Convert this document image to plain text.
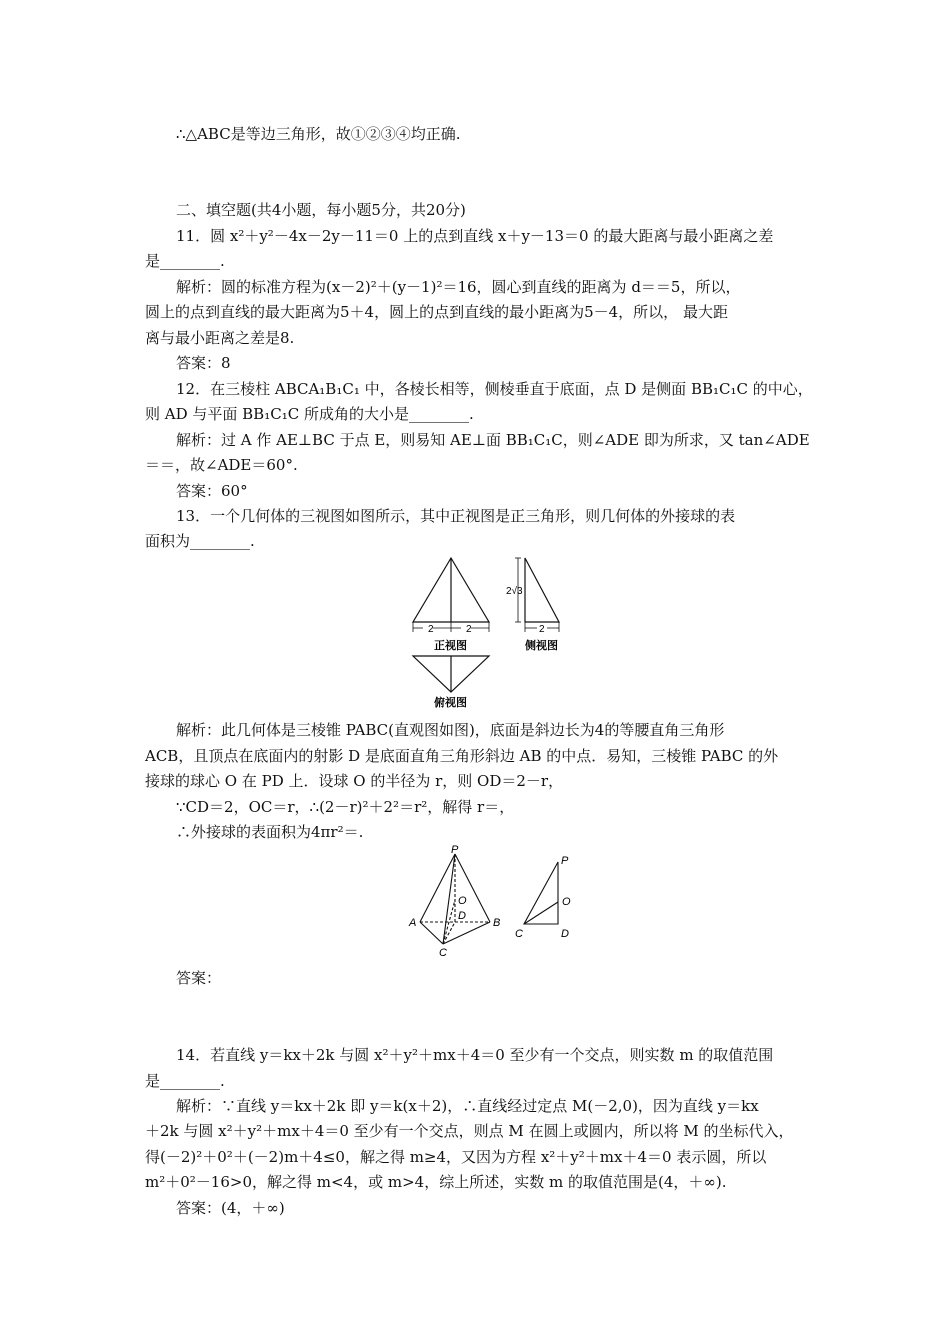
∴△ABC是等边三角形，故①②③④均正确.
二、填空题(共4小题，每小题5分，共20分)
11．圆 x²＋y²－4x－2y－11＝0 上的点到直线 x＋y－13＝0 的最大距离与最小距离之差
是________.
解析：圆的标准方程为(x－2)²＋(y－1)²＝16，圆心到直线的距离为 d＝＝5，所以，
圆上的点到直线的最大距离为5＋4，圆上的点到直线的最小距离为5－4，所以， 最大距
离与最小距离之差是8.
答案：8
12．在三棱柱 ABCA₁B₁C₁ 中，各棱长相等，侧棱垂直于底面，点 D 是侧面 BB₁C₁C 的中心，
则 AD 与平面 BB₁C₁C 所成角的大小是________.
解析：过 A 作 AE⊥BC 于点 E，则易知 AE⊥面 BB₁C₁C，则∠ADE 即为所求，又 tan∠ADE
＝＝，故∠ADE＝60°.
答案：60°
13．一个几何体的三视图如图所示，其中正视图是正三角形，则几何体的外接球的表
面积为________.
2	2
正视图
2√3
2
侧视图
俯视图
解析：此几何体是三棱锥 PABC(直观图如图)，底面是斜边长为4的等腰直角三角形
ACB，且顶点在底面内的射影 D 是底面直角三角形斜边 AB 的中点．易知，三棱锥 PABC 的外
接球的球心 O 在 PD 上．设球 O 的半径为 r，则 OD＝2－r，
∵CD＝2，OC＝r，∴(2－r)²＋2²＝r²，解得 r＝，
∴外接球的表面积为4πr²＝.
P
O
D
A	B
C
P
O
C	D
答案：
14．若直线 y＝kx＋2k 与圆 x²＋y²＋mx＋4＝0 至少有一个交点，则实数 m 的取值范围
是________.
解析：∵直线 y＝kx＋2k 即 y＝k(x＋2)，∴直线经过定点 M(－2,0)，因为直线 y＝kx
＋2k 与圆 x²＋y²＋mx＋4＝0 至少有一个交点，则点 M 在圆上或圆内，所以将 M 的坐标代入，
得(－2)²＋0²＋(－2)m＋4≤0，解之得 m≥4，又因为方程 x²＋y²＋mx＋4＝0 表示圆，所以
m²＋0²－16>0，解之得 m<4，或 m>4，综上所述，实数 m 的取值范围是(4，＋∞).
答案：(4，＋∞)
